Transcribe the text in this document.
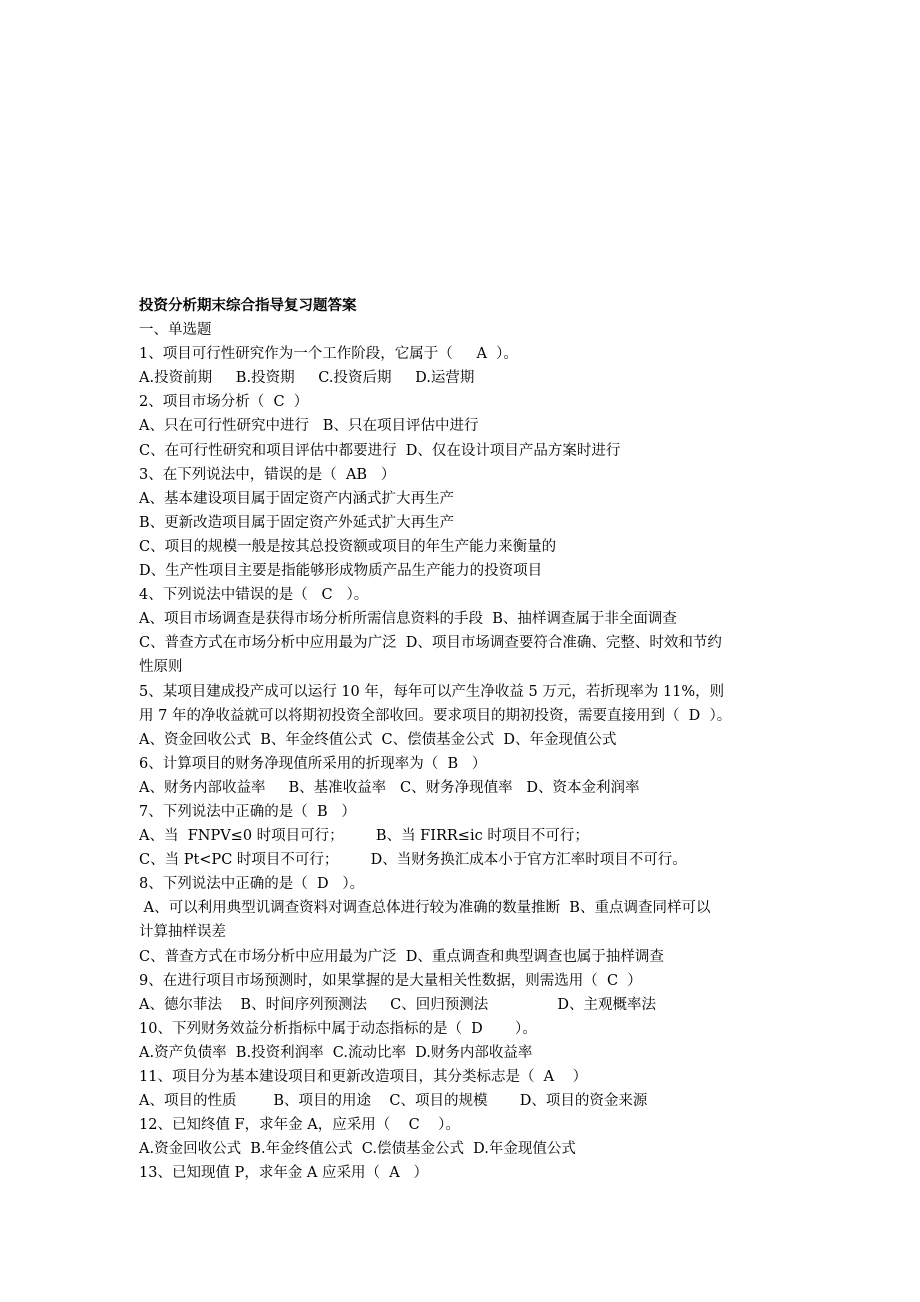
投资分析期末综合指导复习题答案
一、单选题
1、项目可行性研究作为一个工作阶段，它属于（　  A  ）。
A.投资前期　  B.投资期　  C.投资后期　  D.运营期
2、项目市场分析（  C  ）
A、只在可行性研究中进行   B、只在项目评估中进行
C、在可行性研究和项目评估中都要进行  D、仅在设计项目产品方案时进行
3、在下列说法中，错误的是（  AB   ）
A、基本建设项目属于固定资产内涵式扩大再生产
B、更新改造项目属于固定资产外延式扩大再生产
C、项目的规模一般是按其总投资额或项目的年生产能力来衡量的
D、生产性项目主要是指能够形成物质产品生产能力的投资项目
4、下列说法中错误的是（   C   ）。
A、项目市场调查是获得市场分析所需信息资料的手段  B、抽样调查属于非全面调查
C、普查方式在市场分析中应用最为广泛  D、项目市场调查要符合准确、完整、时效和节约
性原则
5、某项目建成投产成可以运行 10 年，每年可以产生净收益 5 万元，若折现率为 11%，则
用 7 年的净收益就可以将期初投资全部收回。要求项目的期初投资，需要直接用到（  D  ）。
A、资金回收公式  B、年金终值公式  C、偿债基金公式  D、年金现值公式
6、计算项目的财务净现值所采用的折现率为（  B   ）
A、财务内部收益率     B、基准收益率   C、财务净现值率   D、资本金利润率
7、下列说法中正确的是（  B   ）
A、当  FNPV≤0 时项目可行；       B、当 FIRR≤ic 时项目不可行；
C、当 Pt<PC 时项目不可行；       D、当财务换汇成本小于官方汇率时项目不可行。
8、下列说法中正确的是（  D   ）。
A、可以利用典型讥调查资料对调查总体进行较为准确的数量推断  B、重点调查同样可以
计算抽样误差
C、普查方式在市场分析中应用最为广泛  D、重点调查和典型调查也属于抽样调查
9、在进行项目市场预测时，如果掌握的是大量相关性数据，则需选用（  C  ）
A、德尔菲法    B、时间序列预测法     C、回归预测法               D、主观概率法
10、下列财务效益分析指标中属于动态指标的是（  D       ）。
A.资产负债率  B.投资利润率  C.流动比率  D.财务内部收益率
11、项目分为基本建设项目和更新改造项目，其分类标志是（  A    ）
A、项目的性质        B、项目的用途    C、项目的规模       D、项目的资金来源
12、已知终值 F，求年金 A，应采用（    C    ）。
A.资金回收公式  B.年金终值公式  C.偿债基金公式  D.年金现值公式
13、已知现值 P，求年金 A 应采用（  A   ）
